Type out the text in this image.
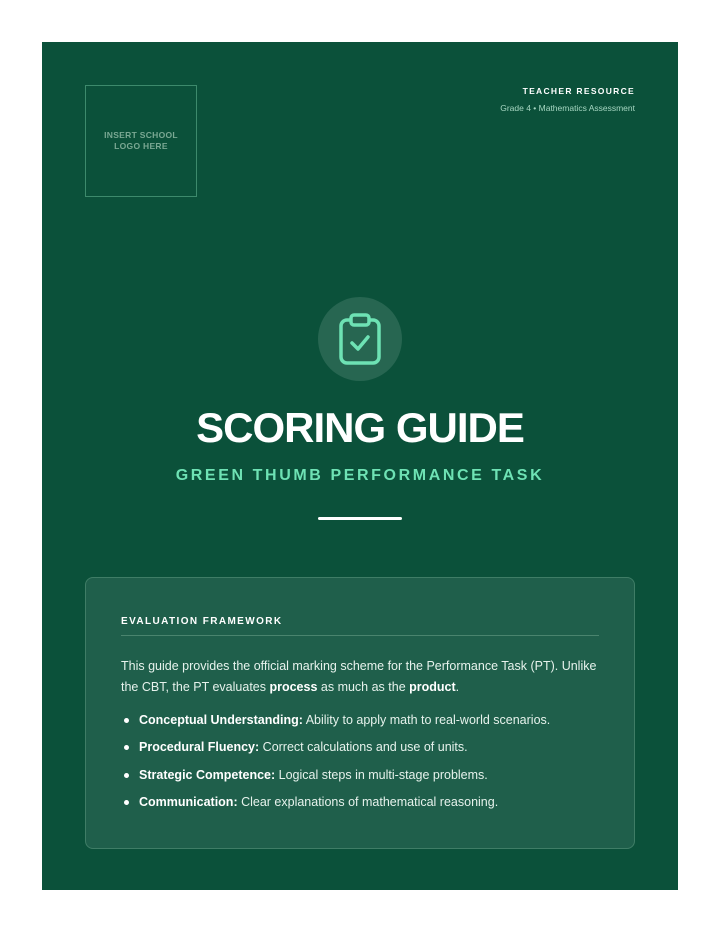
INSERT SCHOOL LOGO HERE
TEACHER RESOURCE
Grade 4 • Mathematics Assessment
SCORING GUIDE
GREEN THUMB PERFORMANCE TASK
EVALUATION FRAMEWORK
This guide provides the official marking scheme for the Performance Task (PT). Unlike the CBT, the PT evaluates process as much as the product.
Conceptual Understanding: Ability to apply math to real-world scenarios.
Procedural Fluency: Correct calculations and use of units.
Strategic Competence: Logical steps in multi-stage problems.
Communication: Clear explanations of mathematical reasoning.
